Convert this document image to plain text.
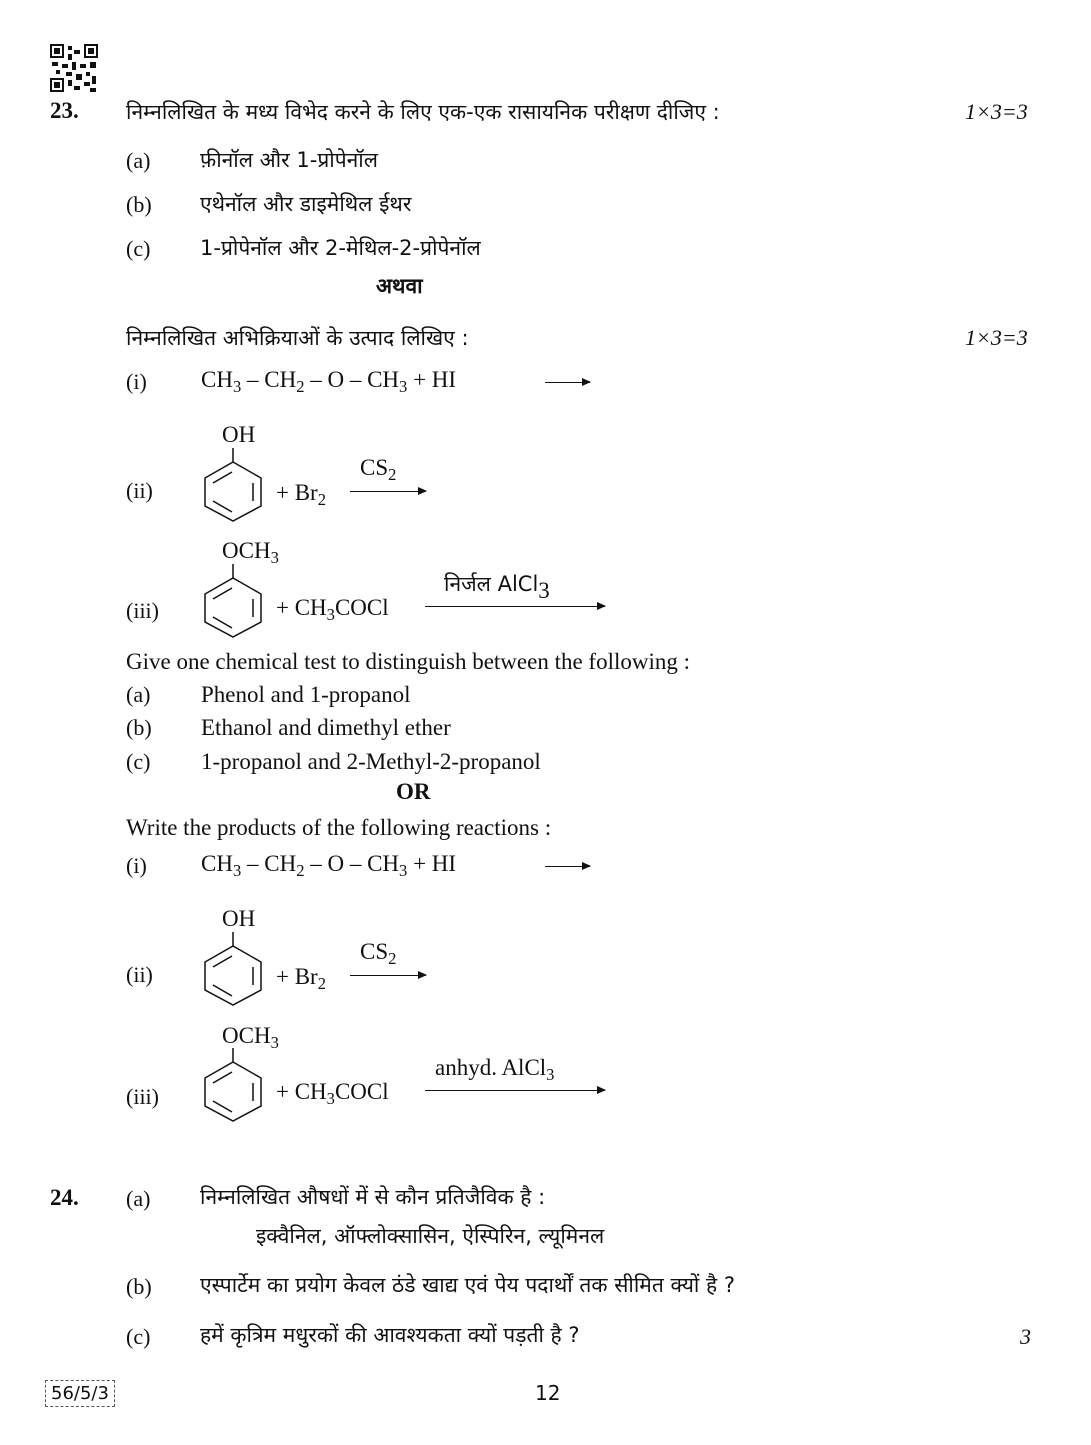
23. निम्नलिखित के मध्य विभेद करने के लिए एक-एक रासायनिक परीक्षण दीजिए :	1×3=3
(a) फ़ीनॉल और 1-प्रोपेनॉल
(b) एथेनॉल और डाइमेथिल ईथर
(c) 1-प्रोपेनॉल और 2-मेथिल-2-प्रोपेनॉल
अथवा
निम्नलिखित अभिक्रियाओं के उत्पाद लिखिए :	1×3=3
(i) $CH_3 - CH_2$ – O – $CH_3$ + HI
OH
(ii)	+ $Br_2$
$CS_2$
$OCH_3$
(iii)	+ $CH_3COCl$
निर्जल AlCl$_3$
Give one chemical test to distinguish between the following :
(a) Phenol and 1-propanol
(b) Ethanol and dimethyl ether
(c) 1-propanol and 2-Methyl-2-propanol
OR
Write the products of the following reactions :
(i) $CH_3 - CH_2$ – O – $CH_3$ + HI
OH
(ii)	+ $Br_2$
$CS_2$
$OCH_3$
(iii)	+ $CH_3COCl$
anhyd. AlCl$_3$
24. (a) निम्नलिखित औषधों में से कौन प्रतिजैविक है :
इक्वैनिल, ऑफ्लोक्सासिन, ऐस्पिरिन, ल्यूमिनल
(b) एस्पार्टेम का प्रयोग केवल ठंडे खाद्य एवं पेय पदार्थों तक सीमित क्यों है ?
(c) हमें कृत्रिम मधुरकों की आवश्यकता क्यों पड़ती है ?	3
56/5/3	12
